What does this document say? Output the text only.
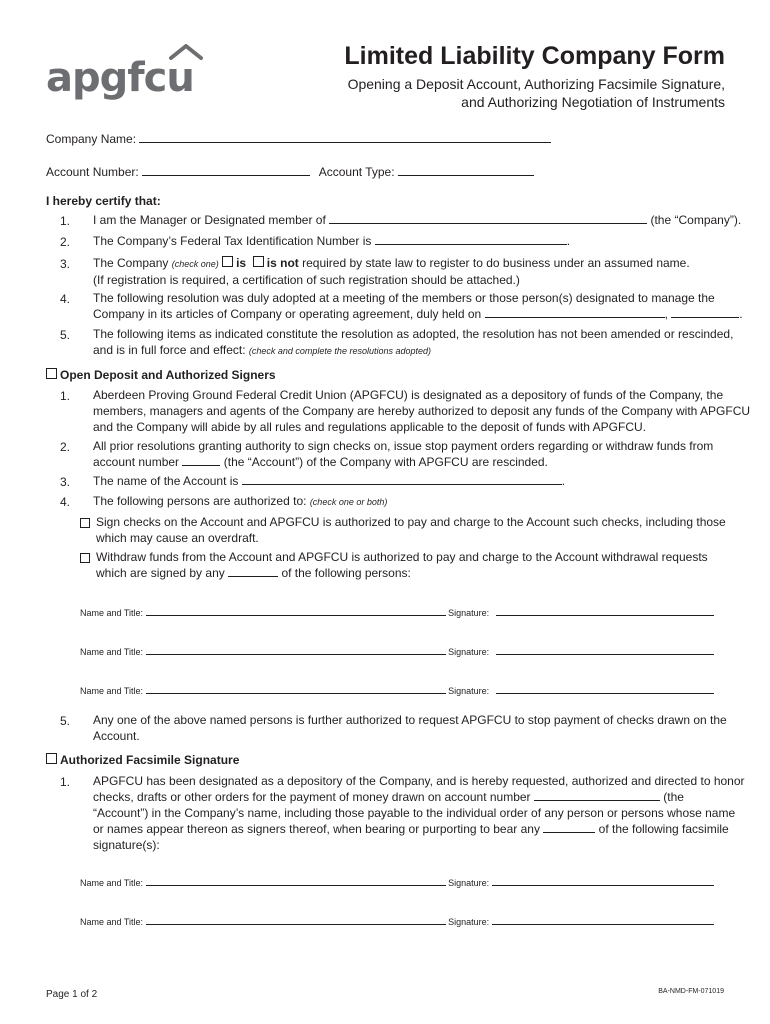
apgfcu	Limited Liability Company Form
Opening a Deposit Account, Authorizing Facsimile Signature,
and Authorizing Negotiation of Instruments
Company Name:
Account Number:	Account Type:
I hereby certify that:
1. I am the Manager or Designated member of	(the “Company”).
2. The Company’s Federal Tax Identification Number is	.
3. The Company (check one) is is not required by state law to register to do business under an assumed name.
(If registration is required, a certification of such registration should be attached.)
4. The following resolution was duly adopted at a meeting of the members or those person(s) designated to manage the
Company in its articles of Company or operating agreement, duly held on	,	.
5. The following items as indicated constitute the resolution as adopted, the resolution has not been amended or rescinded,
and is in full force and effect: (check and complete the resolutions adopted)
Open Deposit and Authorized Signers
1. Aberdeen Proving Ground Federal Credit Union (APGFCU) is designated as a depository of funds of the Company, the
members, managers and agents of the Company are hereby authorized to deposit any funds of the Company with APGFCU
and the Company will abide by all rules and regulations applicable to the deposit of funds with APGFCU.
2. All prior resolutions granting authority to sign checks on, issue stop payment orders regarding or withdraw funds from
account number	(the “Account”) of the Company with APGFCU are rescinded.
3. The name of the Account is	.
4. The following persons are authorized to: (check one or both)
Sign checks on the Account and APGFCU is authorized to pay and charge to the Account such checks, including those
which may cause an overdraft.
Withdraw funds from the Account and APGFCU is authorized to pay and charge to the Account withdrawal requests
which are signed by any	of the following persons:
Name and Title:	Signature:
Name and Title:	Signature:
Name and Title:	Signature:
5. Any one of the above named persons is further authorized to request APGFCU to stop payment of checks drawn on the
Account.
Authorized Facsimile Signature
1. APGFCU has been designated as a depository of the Company, and is hereby requested, authorized and directed to honor
checks, drafts or other orders for the payment of money drawn on account number	(the
“Account”) in the Company’s name, including those payable to the individual order of any person or persons whose name
or names appear thereon as signers thereof, when bearing or purporting to bear any	of the following facsimile
signature(s):
Name and Title:	Signature:
Name and Title:	Signature:
Page 1 of 2	BA-NMD-FM-071019
